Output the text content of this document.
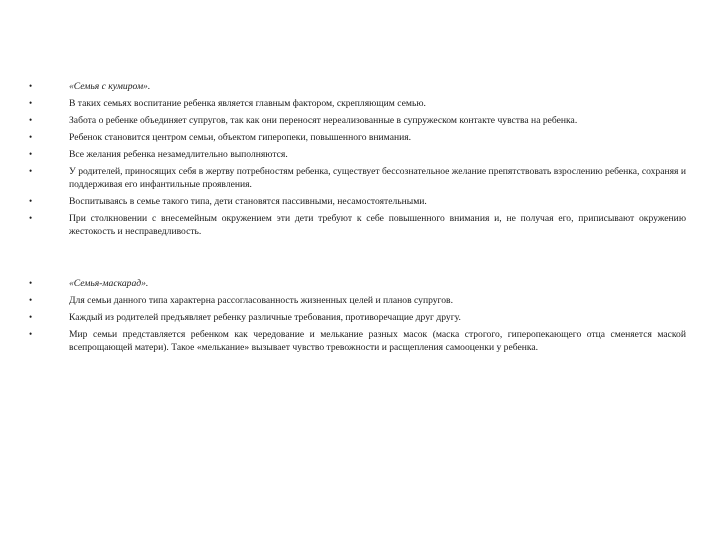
•	«Семья с кумиром».
•	В таких семьях воспитание ребенка является главным фактором, скрепляющим семью.
•	Забота о ребенке объединяет супругов, так как они переносят нереализованные в супружеском контакте чувства на ребенка.
•	Ребенок становится центром семьи, объектом гиперопеки, повышенного внимания.
•	Все желания ребенка незамедлительно выполняются.
•	У родителей, приносящих себя в жертву потребностям ребенка, существует бессознательное желание препятствовать взрослению ребенка, сохраняя и поддерживая его инфантильные проявления.
•	Воспитываясь в семье такого типа, дети становятся пассивными, несамостоятельными.
•	При столкновении с внесемейным окружением эти дети требуют к себе повышенного внимания и, не получая его, приписывают окружению жестокость и несправедливость.
•	«Семья-маскарад».
•	Для семьи данного типа характерна рассогласованность жизненных целей и планов супругов.
•	Каждый из родителей предъявляет ребенку различные требования, противоречащие друг другу.
•	Мир семьи представляется ребенком как чередование и мелькание разных масок (маска строгого, гиперопекающего отца сменяется маской всепрощающей матери). Такое «мелькание» вызывает чувство тревожности и расщепления самооценки у ребенка.
